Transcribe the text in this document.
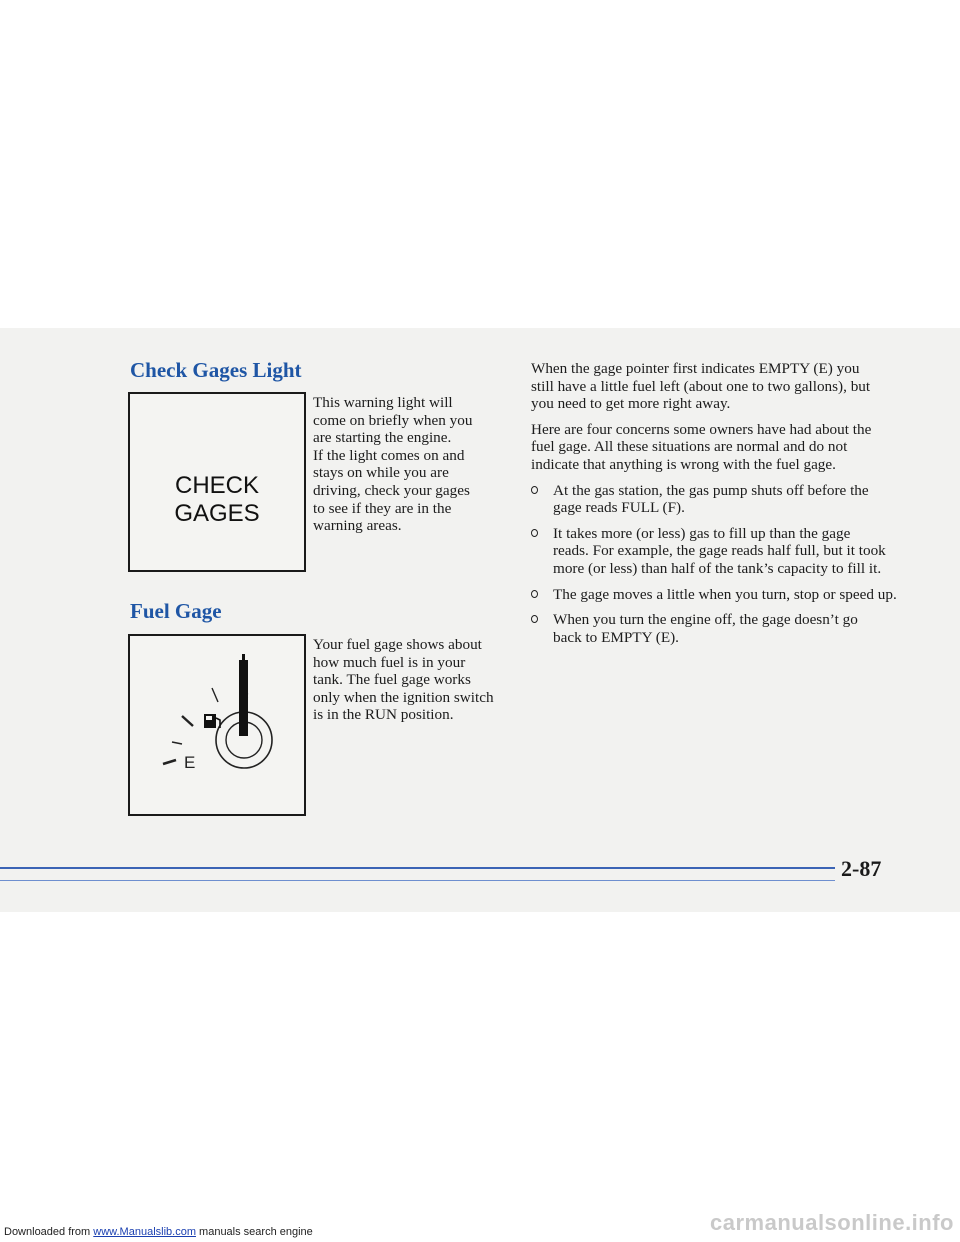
Check Gages Light
CHECK GAGES
This warning light will
come on briefly when you
are starting the engine.
If the light comes on and
stays on while you are
driving, check your gages
to see if they are in the
warning areas.
Fuel Gage
E
Your fuel gage shows about
how much fuel is in your
tank. The fuel gage works
only when the ignition switch
is in the RUN position.
When the gage pointer first indicates EMPTY (E) you
still have a little fuel left (about one to two gallons), but
you need to get more right away.
Here are four concerns some owners have had about the
fuel gage. All these situations are normal and do not
indicate that anything is wrong with the fuel gage.
At the gas station, the gas pump shuts off before the
gage reads FULL (F).
It takes more (or less) gas to fill up than the gage
reads. For example, the gage reads half full, but it took
more (or less) than half of the tank’s capacity to fill it.
The gage moves a little when you turn, stop or speed up.
When you turn the engine off, the gage doesn’t go
back to EMPTY (E).
2-87
Downloaded from www.Manualslib.com manuals search engine	carmanualsonline.info
